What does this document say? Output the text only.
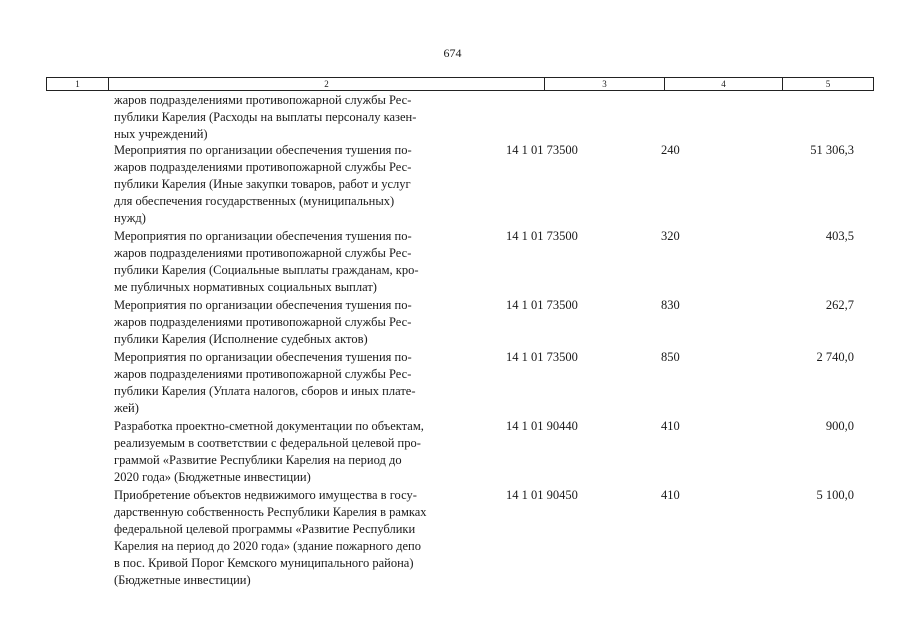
674
1	2	3	4	5
жаров подразделениями противопожарной службы Рес-
публики Карелия (Расходы на выплаты персоналу казен-
ных учреждений)
Мероприятия по организации обеспечения тушения по-
жаров подразделениями противопожарной службы Рес-
публики Карелия (Иные закупки товаров, работ и услуг
для обеспечения государственных (муниципальных)
нужд)
14 1 01 73500	240	51 306,3
Мероприятия по организации обеспечения тушения по-
жаров подразделениями противопожарной службы Рес-
публики Карелия (Социальные выплаты гражданам, кро-
ме публичных нормативных социальных выплат)
14 1 01 73500	320	403,5
Мероприятия по организации обеспечения тушения по-
жаров подразделениями противопожарной службы Рес-
публики Карелия (Исполнение судебных актов)
14 1 01 73500	830	262,7
Мероприятия по организации обеспечения тушения по-
жаров подразделениями противопожарной службы Рес-
публики Карелия (Уплата налогов, сборов и иных плате-
жей)
14 1 01 73500	850	2 740,0
Разработка проектно-сметной документации по объектам,
реализуемым в соответствии с федеральной целевой про-
граммой «Развитие Республики Карелия на период до
2020 года» (Бюджетные инвестиции)
14 1 01 90440	410	900,0
Приобретение объектов недвижимого имущества в госу-
дарственную собственность Республики Карелия в рамках
федеральной целевой программы «Развитие Республики
Карелия на период до 2020 года» (здание пожарного депо
в пос. Кривой Порог Кемского муниципального района)
(Бюджетные инвестиции)
14 1 01 90450	410	5 100,0
